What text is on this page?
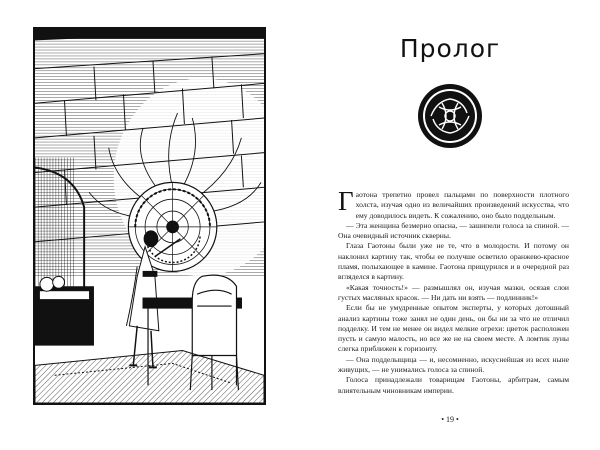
Пролог

Гаотона трепетно провел пальцами по поверхности плотного холста, изучая одно из величайших произведений искусства, что ему доводилось видеть. К сожалению, оно было поддельным.

— Эта женщина безмерно опасна, — зашипели голоса за спиной. — Она очевидный источник скверны.

Глаза Гаотоны были уже не те, что в молодости. И потому он наклонил картину так, чтобы ее получше осветило оранжево-красное пламя, полыхающее в камине. Гаотона прищурился и в очередной раз вгляделся в картину.

«Какая точность!» — размышлял он, изучая мазки, осязая слои густых масляных красок. — Ни дать ни взять — подлинник!»

Если бы не умудренные опытом эксперты, у которых дотошный анализ картины тоже занял не один день, он бы ни за что не отличил подделку. И тем не менее он видел мелкие огрехи: цветок расположен пусть и самую малость, но все же не на своем месте. А ломтик луны слегка приближен к горизонту.

— Она подделыщица — и, несомненно, искуснейшая из всех ныне живущих, — не унимались голоса за спиной.

Голоса принадлежали товарищам Гаотоны, арбитрам, самым влиятельным чиновникам империи.

• 19 •
